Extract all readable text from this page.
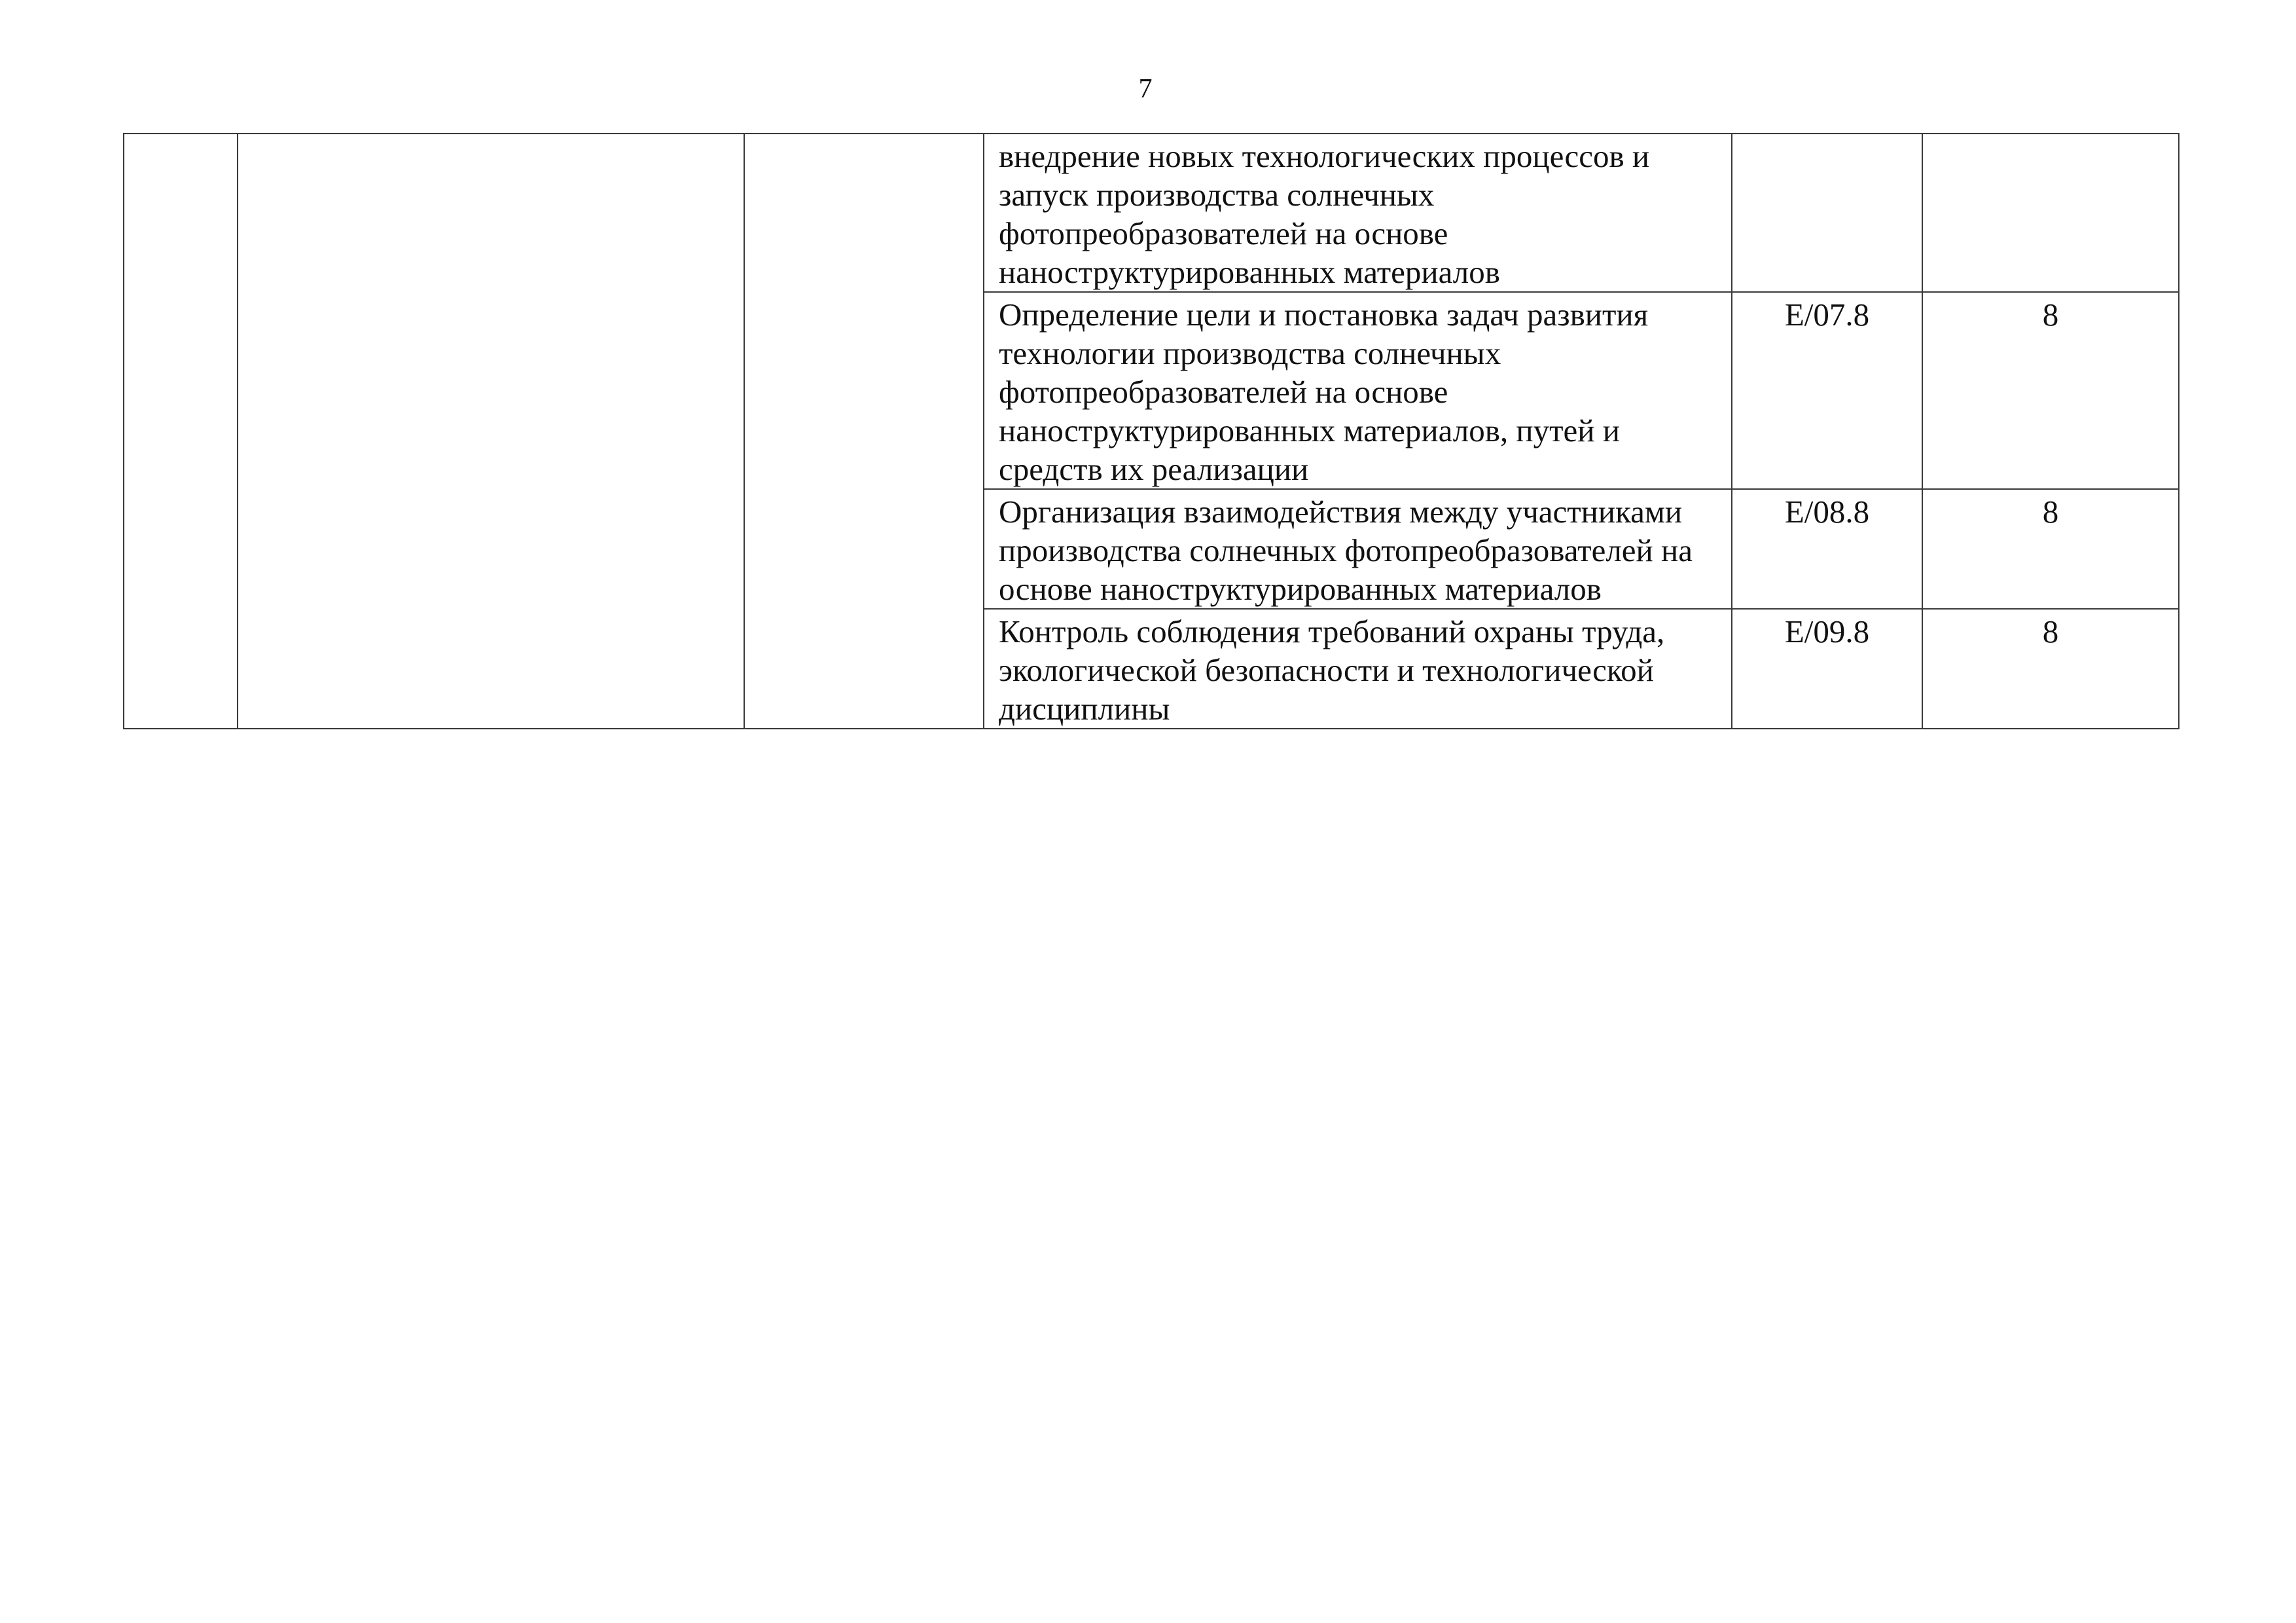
7
			внедрение новых технологических процессов и запуск производства солнечных фотопреобразователей на основе наноструктурированных материалов		
			Определение цели и постановка задач развития технологии производства солнечных фотопреобразователей на основе наноструктурированных материалов, путей и средств их реализации	E/07.8	8
			Организация взаимодействия между участниками производства солнечных фотопреобразователей на основе наноструктурированных материалов	E/08.8	8
			Контроль соблюдения требований охраны труда, экологической безопасности и технологической дисциплины	E/09.8	8
